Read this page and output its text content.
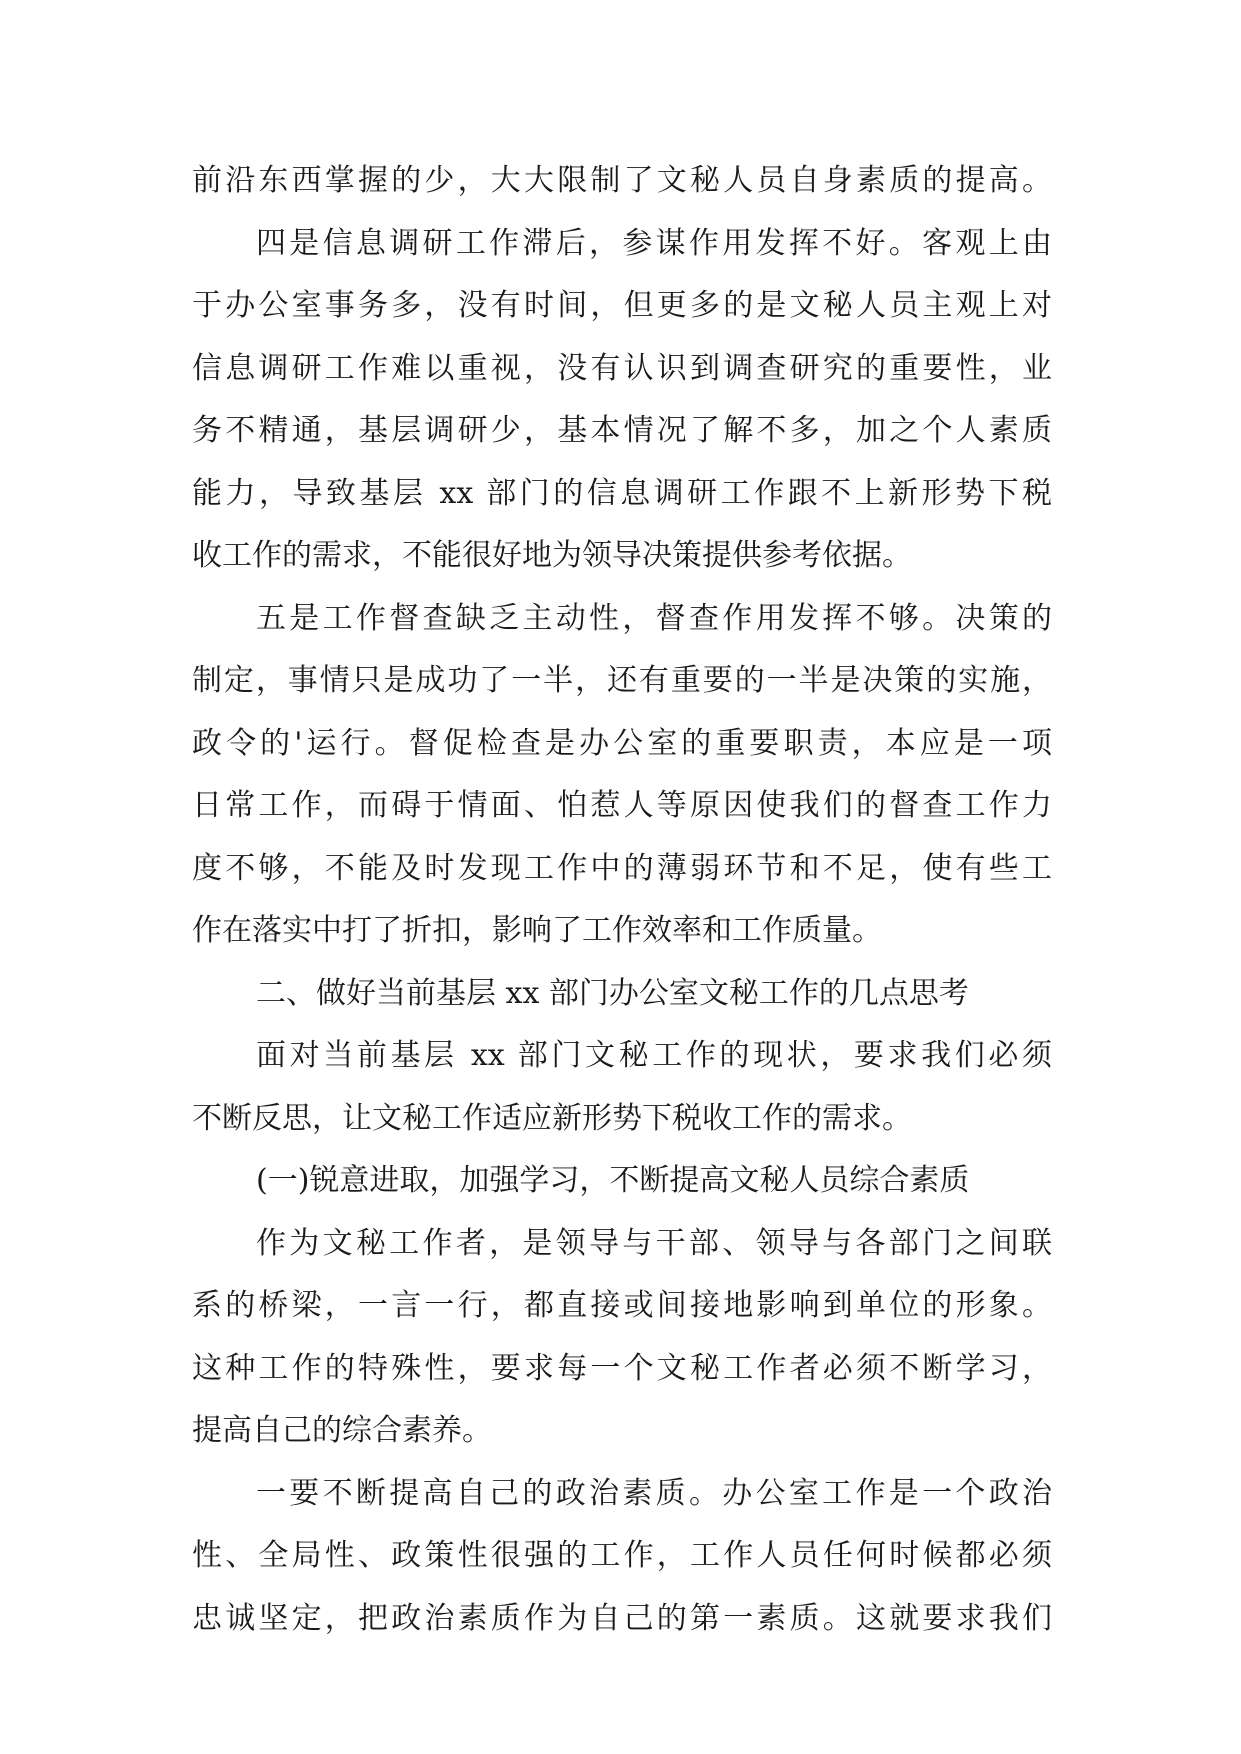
前沿东西掌握的少，大大限制了文秘人员自身素质的提高。
四是信息调研工作滞后，参谋作用发挥不好。客观上由
于办公室事务多，没有时间，但更多的是文秘人员主观上对
信息调研工作难以重视，没有认识到调查研究的重要性，业
务不精通，基层调研少，基本情况了解不多，加之个人素质
能力，导致基层 xx 部门的信息调研工作跟不上新形势下税
收工作的需求，不能很好地为领导决策提供参考依据。
五是工作督查缺乏主动性，督查作用发挥不够。决策的
制定，事情只是成功了一半，还有重要的一半是决策的实施，
政令的'运行。督促检查是办公室的重要职责，本应是一项
日常工作，而碍于情面、怕惹人等原因使我们的督查工作力
度不够，不能及时发现工作中的薄弱环节和不足，使有些工
作在落实中打了折扣，影响了工作效率和工作质量。
二、做好当前基层 xx 部门办公室文秘工作的几点思考
面对当前基层 xx 部门文秘工作的现状，要求我们必须
不断反思，让文秘工作适应新形势下税收工作的需求。
(一)锐意进取，加强学习，不断提高文秘人员综合素质
作为文秘工作者，是领导与干部、领导与各部门之间联
系的桥梁，一言一行，都直接或间接地影响到单位的形象。
这种工作的特殊性，要求每一个文秘工作者必须不断学习，
提高自己的综合素养。
一要不断提高自己的政治素质。办公室工作是一个政治
性、全局性、政策性很强的工作，工作人员任何时候都必须
忠诚坚定，把政治素质作为自己的第一素质。这就要求我们
